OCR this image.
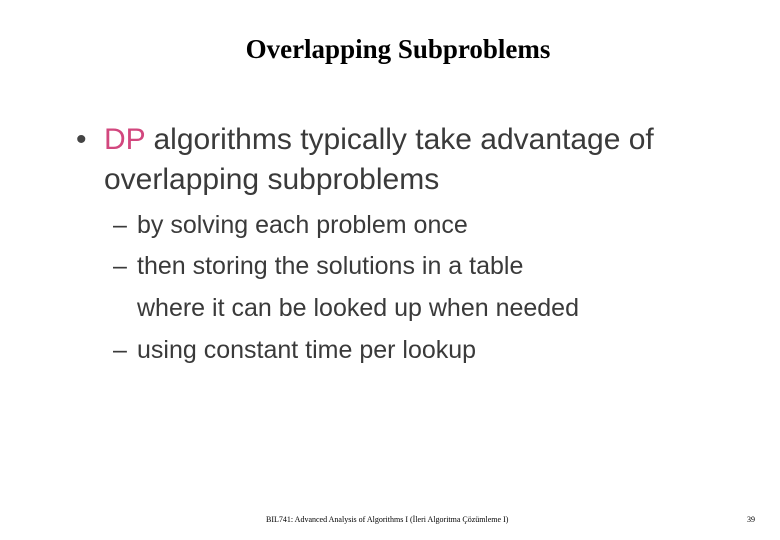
Overlapping Subproblems
• DP algorithms typically take advantage of
overlapping subproblems
– by solving each problem once
– then storing the solutions in a table
where it can be looked up when needed
– using constant time per lookup
BIL741: Advanced Analysis of Algorithms I (İleri Algoritma Çözümleme I)	39
